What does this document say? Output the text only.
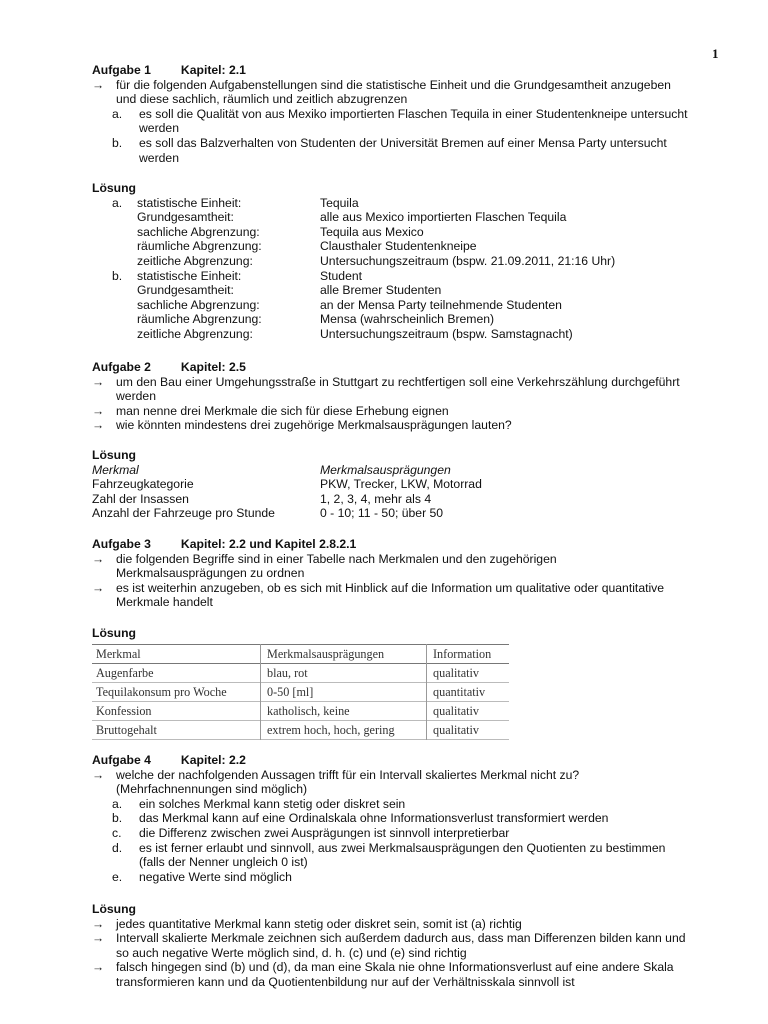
1
Aufgabe 1 Kapitel: 2.1
→ für die folgenden Aufgabenstellungen sind die statistische Einheit und die Grundgesamtheit anzugeben
und diese sachlich, räumlich und zeitlich abzugrenzen
a. es soll die Qualität von aus Mexiko importierten Flaschen Tequila in einer Studentenkneipe untersucht
werden
b. es soll das Balzverhalten von Studenten der Universität Bremen auf einer Mensa Party untersucht
werden
Lösung
a. statistische Einheit:	Tequila
Grundgesamtheit:	alle aus Mexico importierten Flaschen Tequila
sachliche Abgrenzung:	Tequila aus Mexico
räumliche Abgrenzung:	Clausthaler Studentenkneipe
zeitliche Abgrenzung:	Untersuchungszeitraum (bspw. 21.09.2011, 21:16 Uhr)
b. statistische Einheit:	Student
Grundgesamtheit:	alle Bremer Studenten
sachliche Abgrenzung:	an der Mensa Party teilnehmende Studenten
räumliche Abgrenzung:	Mensa (wahrscheinlich Bremen)
zeitliche Abgrenzung:	Untersuchungszeitraum (bspw. Samstagnacht)
Aufgabe 2 Kapitel: 2.5
→ um den Bau einer Umgehungsstraße in Stuttgart zu rechtfertigen soll eine Verkehrszählung durchgeführt
werden
→ man nenne drei Merkmale die sich für diese Erhebung eignen
→ wie könnten mindestens drei zugehörige Merkmalsausprägungen lauten?
Lösung
Merkmal	Merkmalsausprägungen
Fahrzeugkategorie	PKW, Trecker, LKW, Motorrad
Zahl der Insassen	1, 2, 3, 4, mehr als 4
Anzahl der Fahrzeuge pro Stunde	0 - 10; 11 - 50; über 50
Aufgabe 3 Kapitel: 2.2 und Kapitel 2.8.2.1
→ die folgenden Begriffe sind in einer Tabelle nach Merkmalen und den zugehörigen
Merkmalsausprägungen zu ordnen
→ es ist weiterhin anzugeben, ob es sich mit Hinblick auf die Information um qualitative oder quantitative
Merkmale handelt
Lösung
Merkmal	Merkmalsausprägungen	Information
Augenfarbe	blau, rot	qualitativ
Tequilakonsum pro Woche	0-50 [ml]	quantitativ
Konfession	katholisch, keine	qualitativ
Bruttogehalt	extrem hoch, hoch, gering	qualitativ
Aufgabe 4 Kapitel: 2.2
→ welche der nachfolgenden Aussagen trifft für ein Intervall skaliertes Merkmal nicht zu?
(Mehrfachnennungen sind möglich)
a. ein solches Merkmal kann stetig oder diskret sein
b. das Merkmal kann auf eine Ordinalskala ohne Informationsverlust transformiert werden
c. die Differenz zwischen zwei Ausprägungen ist sinnvoll interpretierbar
d. es ist ferner erlaubt und sinnvoll, aus zwei Merkmalsausprägungen den Quotienten zu bestimmen
(falls der Nenner ungleich 0 ist)
e. negative Werte sind möglich
Lösung
→ jedes quantitative Merkmal kann stetig oder diskret sein, somit ist (a) richtig
→ Intervall skalierte Merkmale zeichnen sich außerdem dadurch aus, dass man Differenzen bilden kann und
so auch negative Werte möglich sind, d. h. (c) und (e) sind richtig
→ falsch hingegen sind (b) und (d), da man eine Skala nie ohne Informationsverlust auf eine andere Skala
transformieren kann und da Quotientenbildung nur auf der Verhältnisskala sinnvoll ist
